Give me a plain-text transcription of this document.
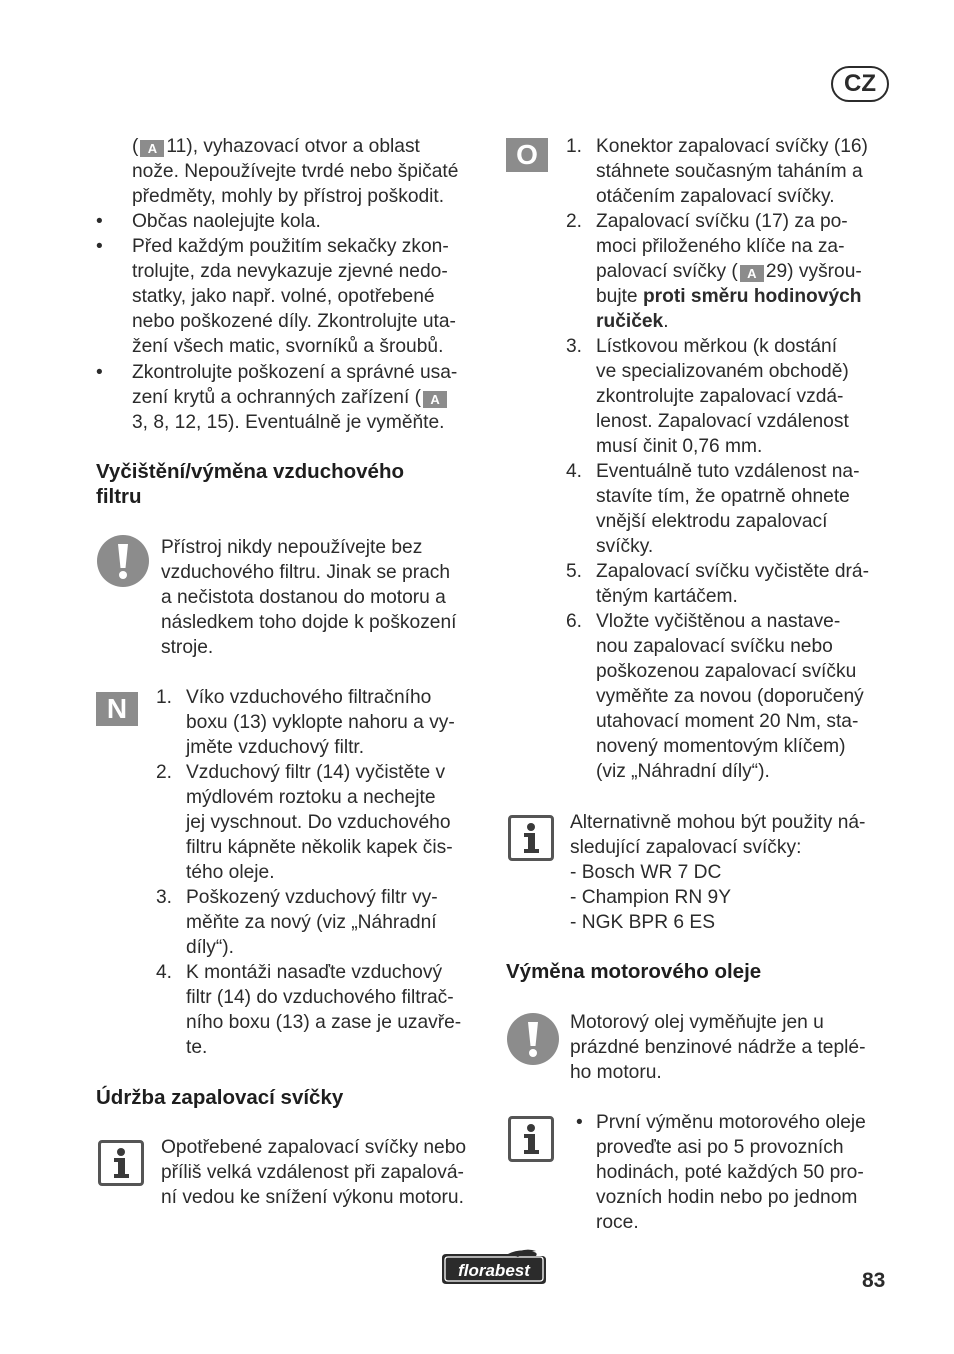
CZ

( A 11), vyhazovací otvor a oblast

nože. Nepoužívejte tvrdé nebo špičaté

předměty, mohly by přístroj poškodit.

• Občas naolejujte kola.
• Před každým použitím sekačky zkon-

trolujte, zda nevykazuje zjevné nedo-

statky, jako např. volné, opotřebené

nebo poškozené díly. Zkontrolujte uta-

žení všech matic, svorníků a šroubů.

• Zkontrolujte poškození a správné usa-

zení krytů a ochranných zařízení ( A

3, 8, 12, 15). Eventuálně je vyměňte.

Vyčištění/výměna vzduchového

filtru

Přístroj nikdy nepoužívejte bez

vzduchového filtru. Jinak se prach

a nečistota dostanou do motoru a

následkem toho dojde k poškození

stroje.

N	1. Víko vzduchového filtračního

boxu (13) vyklopte nahoru a vy-

jměte vzduchový filtr.

2. Vzduchový filtr (14) vyčistěte v

mýdlovém roztoku a nechejte

jej vyschnout. Do vzduchového

filtru kápněte několik kapek čis-

tého oleje.

3. Poškozený vzduchový filtr vy-

měňte za nový (viz „Náhradní

díly“).

4. K montáži nasaďte vzduchový

filtr (14) do vzduchového filtrač-

ního boxu (13) a zase je uzavře-

te.

Údržba zapalovací svíčky

Opotřebené zapalovací svíčky nebo

příliš velká vzdálenost při zapalová-

ní vedou ke snížení výkonu motoru.

O	1. Konektor zapalovací svíčky (16)

stáhnete současným taháním a

otáčením zapalovací svíčky.

2. Zapalovací svíčku (17) za po-

moci přiloženého klíče na za-

palovací svíčky ( A 29) vyšrou-

bujte proti směru hodinových

ručiček.

3. Lístkovou měrkou (k dostání

ve specializovaném obchodě)

zkontrolujte zapalovací vzdá-

lenost. Zapalovací vzdálenost

musí činit 0,76 mm.

4. Eventuálně tuto vzdálenost na-

stavíte tím, že opatrně ohnete

vnější elektrodu zapalovací

svíčky.

5. Zapalovací svíčku vyčistěte drá-

těným kartáčem.

6. Vložte vyčištěnou a nastave-

nou zapalovací svíčku nebo

poškozenou zapalovací svíčku

vyměňte za novou (doporučený

utahovací moment 20 Nm, sta-

novený momentovým klíčem)

(viz „Náhradní díly“).

Alternativně mohou být použity ná-

sledující zapalovací svíčky:

- Bosch WR 7 DC

- Champion RN 9Y

- NGK BPR 6 ES

Výměna motorového oleje

Motorový olej vyměňujte jen u

prázdné benzinové nádrže a teplé-

ho motoru.

• První výměnu motorového oleje

proveďte asi po 5 provozních

hodinách, poté každých 50 pro-

vozních hodin nebo po jednom

roce.

florabest	83
